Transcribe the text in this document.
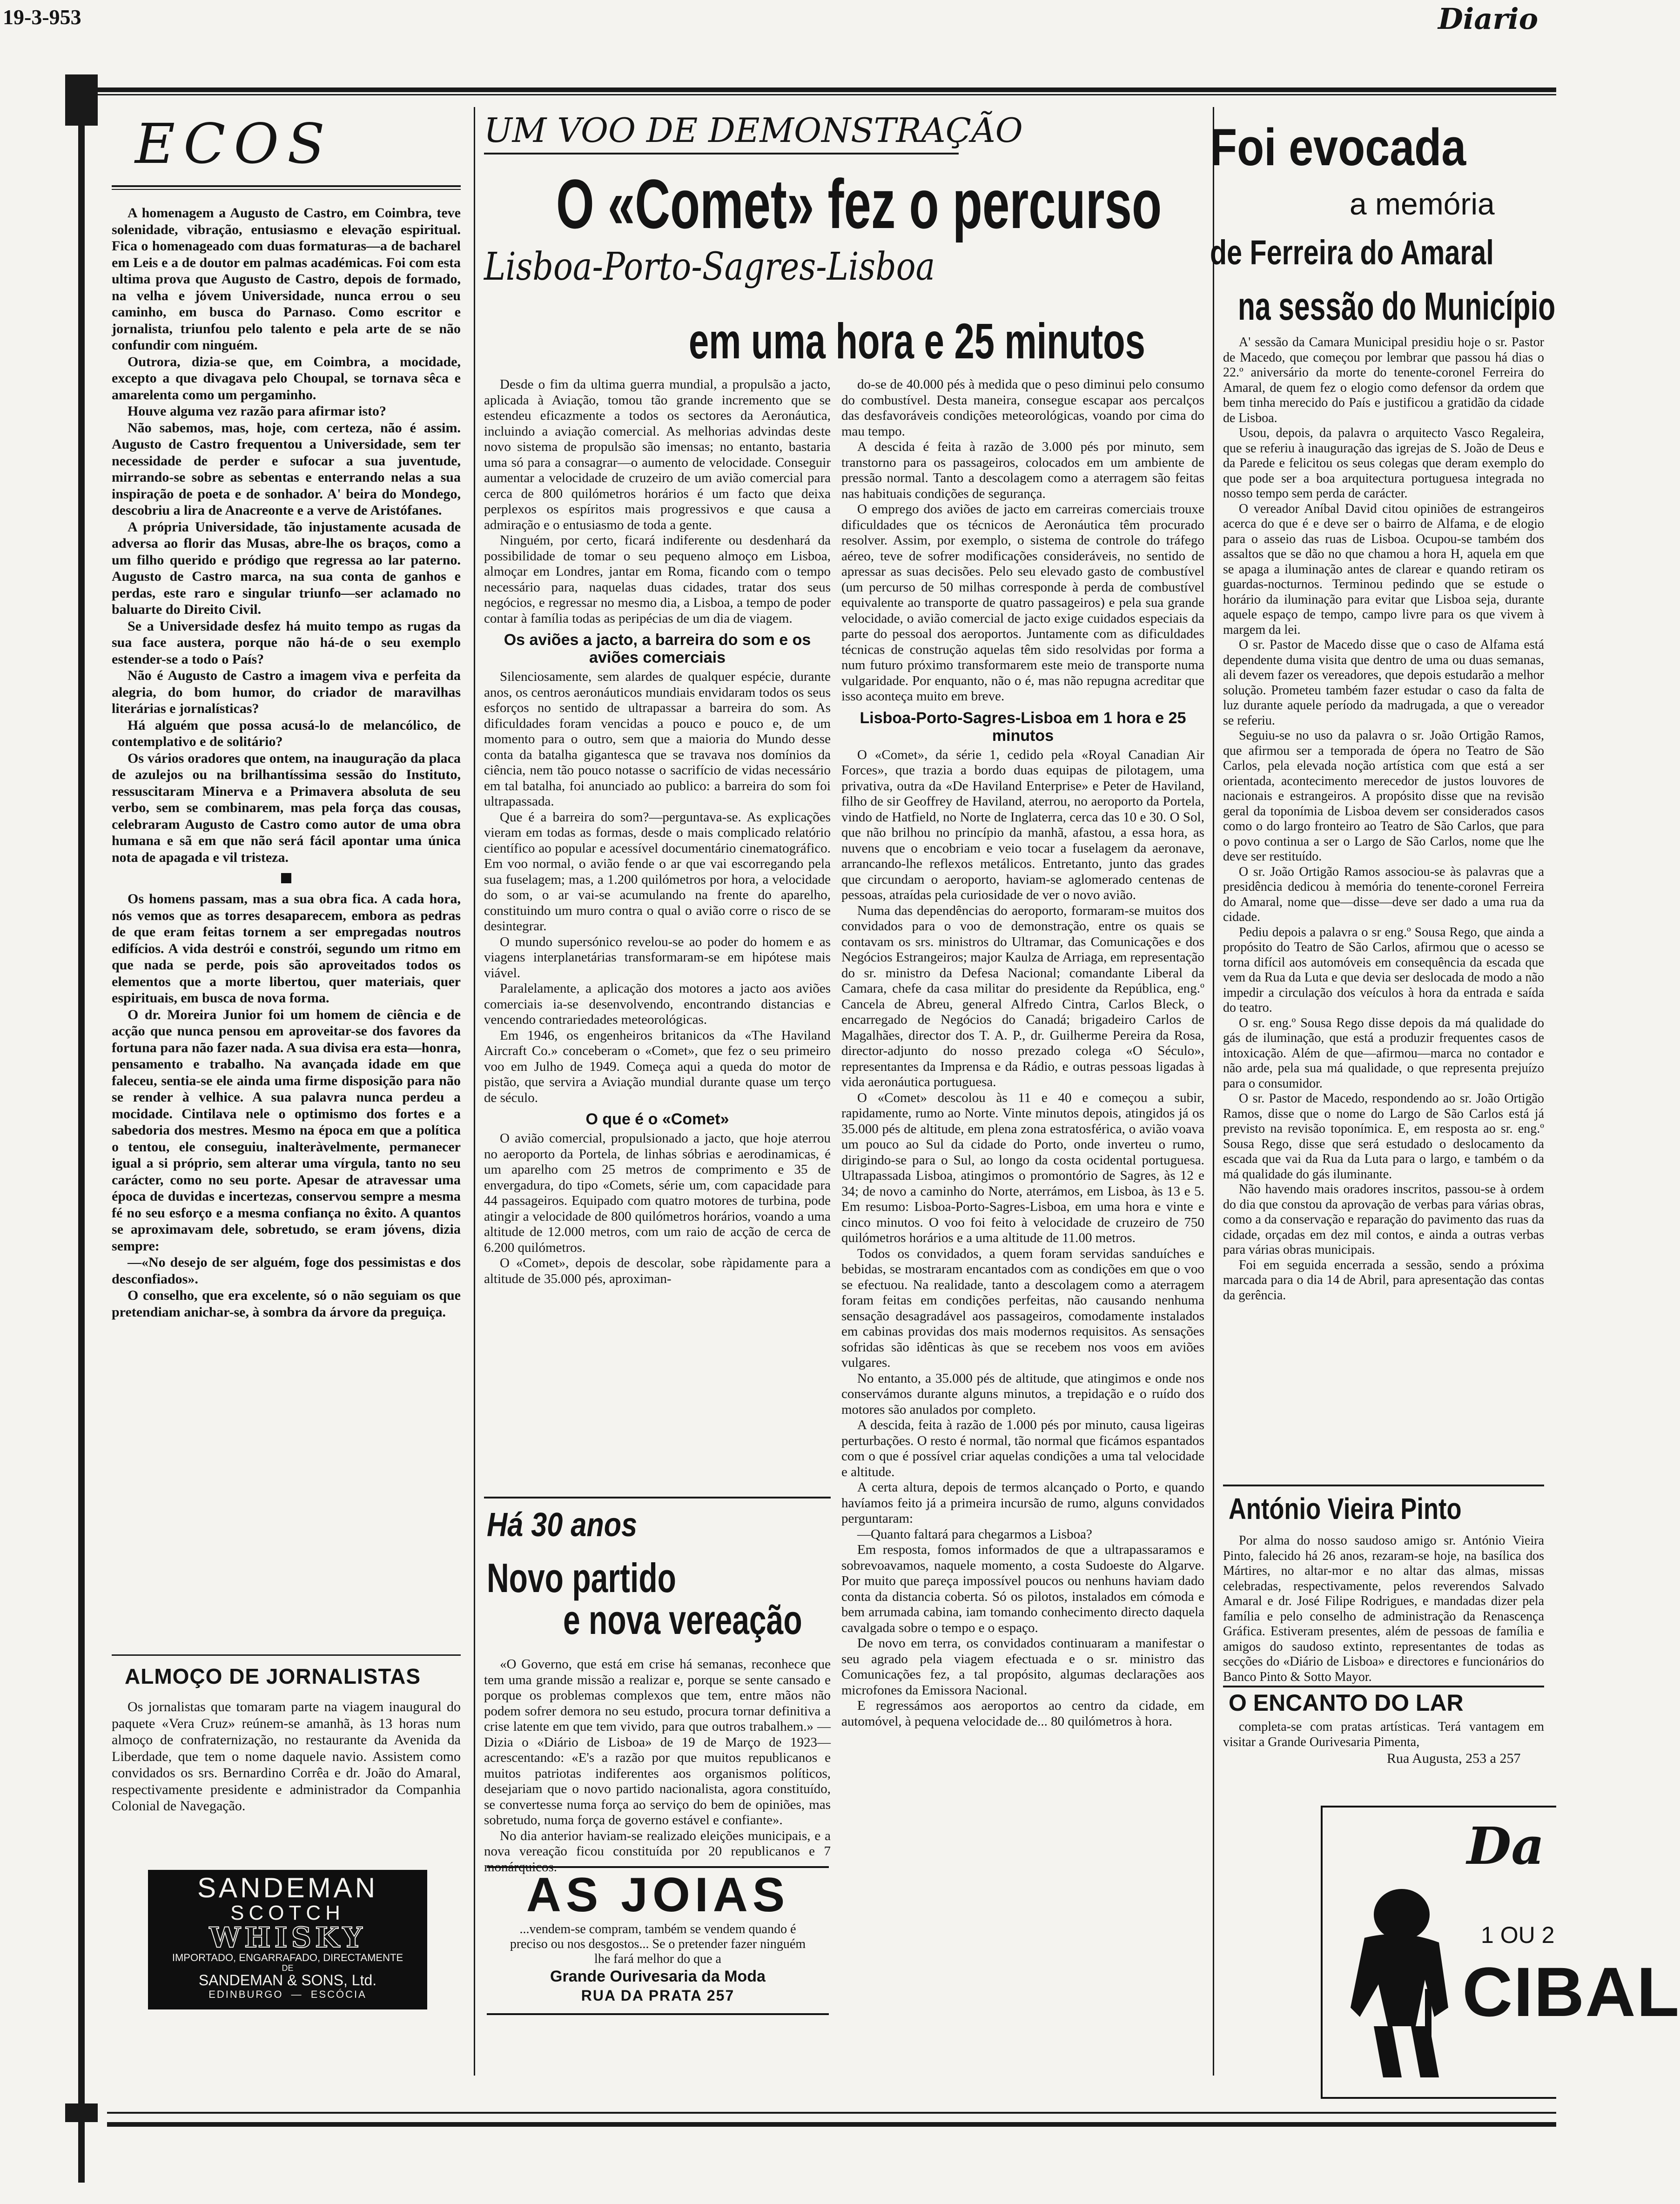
19-3-953	Diario
ECOS

A homenagem a Augusto de Castro, em Coimbra, teve solenidade, vibração, entusiasmo e elevação espiritual. Fica o homenageado com duas formaturas—a de bacharel em Leis e a de doutor em palmas académicas. Foi com esta ultima prova que Augusto de Castro, depois de formado, na velha e jóvem Universidade, nunca errou o seu caminho, em busca do Parnaso. Como escritor e jornalista, triunfou pelo talento e pela arte de se não confundir com ninguém.

Outrora, dizia-se que, em Coimbra, a mocidade, excepto a que divagava pelo Choupal, se tornava sêca e amarelenta como um pergaminho.

Houve alguma vez razão para afirmar isto?

Não sabemos, mas, hoje, com certeza, não é assim. Augusto de Castro frequentou a Universidade, sem ter necessidade de perder e sufocar a sua juventude, mirrando-se sobre as sebentas e enterrando nelas a sua inspiração de poeta e de sonhador. A' beira do Mondego, descobriu a lira de Anacreonte e a verve de Aristófanes.

A própria Universidade, tão injustamente acusada de adversa ao florir das Musas, abre-lhe os braços, como a um filho querido e pródigo que regressa ao lar paterno. Augusto de Castro marca, na sua conta de ganhos e perdas, este raro e singular triunfo—ser aclamado no baluarte do Direito Civil.

Se a Universidade desfez há muito tempo as rugas da sua face austera, porque não há-de o seu exemplo estender-se a todo o País?

Não é Augusto de Castro a imagem viva e perfeita da alegria, do bom humor, do criador de maravilhas literárias e jornalísticas?

Há alguém que possa acusá-lo de melancólico, de contemplativo e de solitário?

Os vários oradores que ontem, na inauguração da placa de azulejos ou na brilhantíssima sessão do Instituto, ressuscitaram Minerva e a Primavera absoluta de seu verbo, sem se combinarem, mas pela força das cousas, celebraram Augusto de Castro como autor de uma obra humana e sã em que não será fácil apontar uma única nota de apagada e vil tristeza.

Os homens passam, mas a sua obra fica. A cada hora, nós vemos que as torres desaparecem, embora as pedras de que eram feitas tornem a ser empregadas noutros edifícios. A vida destrói e constrói, segundo um ritmo em que nada se perde, pois são aproveitados todos os elementos que a morte libertou, quer materiais, quer espirituais, em busca de nova forma.

O dr. Moreira Junior foi um homem de ciência e de acção que nunca pensou em aproveitar-se dos favores da fortuna para não fazer nada. A sua divisa era esta—honra, pensamento e trabalho. Na avançada idade em que faleceu, sentia-se ele ainda uma firme disposição para não se render à velhice. A sua palavra nunca perdeu a mocidade. Cintilava nele o optimismo dos fortes e a sabedoria dos mestres. Mesmo na época em que a política o tentou, ele conseguiu, inalteràvelmente, permanecer igual a si próprio, sem alterar uma vírgula, tanto no seu carácter, como no seu porte. Apesar de atravessar uma época de duvidas e incertezas, conservou sempre a mesma fé no seu esforço e a mesma confiança no êxito. A quantos se aproximavam dele, sobretudo, se eram jóvens, dizia sempre:

—«No desejo de ser alguém, foge dos pessimistas e dos desconfiados».

O conselho, que era excelente, só o não seguiam os que pretendiam anichar-se, à sombra da árvore da preguiça.

ALMOÇO DE JORNALISTAS

Os jornalistas que tomaram parte na viagem inaugural do paquete «Vera Cruz» reúnem-se amanhã, às 13 horas num almoço de confraternização, no restaurante da Avenida da Liberdade, que tem o nome daquele navio. Assistem como convidados os srs. Bernardino Corrêa e dr. João do Amaral, respectivamente presidente e administrador da Companhia Colonial de Navegação.

SANDEMAN
SCOTCH
WHISKY
IMPORTADO, ENGARRAFADO, DIRECTAMENTE
DE
SANDEMAN & SONS, Ltd.
EDINBURGO — ESCÓCIA
UM VOO DE DEMONSTRAÇÃO
O «Comet» fez o percurso
Lisboa-Porto-Sagres-Lisboa
em uma hora e 25 minutos

Desde o fim da ultima guerra mundial, a propulsão a jacto, aplicada à Aviação, tomou tão grande incremento que se estendeu eficazmente a todos os sectores da Aeronáutica, incluindo a aviação comercial. As melhorias advindas deste novo sistema de propulsão são imensas; no entanto, bastaria uma só para a consagrar—o aumento de velocidade. Conseguir aumentar a velocidade de cruzeiro de um avião comercial para cerca de 800 quilómetros horários é um facto que deixa perplexos os espíritos mais progressivos e que causa a admiração e o entusiasmo de toda a gente.

Ninguém, por certo, ficará indiferente ou desdenhará da possibilidade de tomar o seu pequeno almoço em Lisboa, almoçar em Londres, jantar em Roma, ficando com o tempo necessário para, naquelas duas cidades, tratar dos seus negócios, e regressar no mesmo dia, a Lisboa, a tempo de poder contar à família todas as peripécias de um dia de viagem.

Os aviões a jacto, a barreira do som e os aviões comerciais

Silenciosamente, sem alardes de qualquer espécie, durante anos, os centros aeronáuticos mundiais envidaram todos os seus esforços no sentido de ultrapassar a barreira do som. As dificuldades foram vencidas a pouco e pouco e, de um momento para o outro, sem que a maioria do Mundo desse conta da batalha gigantesca que se travava nos domínios da ciência, nem tão pouco notasse o sacrifício de vidas necessário em tal batalha, foi anunciado ao publico: a barreira do som foi ultrapassada.

Que é a barreira do som?—perguntava-se. As explicações vieram em todas as formas, desde o mais complicado relatório científico ao popular e acessível documentário cinematográfico. Em voo normal, o avião fende o ar que vai escorregando pela sua fuselagem; mas, a 1.200 quilómetros por hora, a velocidade do som, o ar vai-se acumulando na frente do aparelho, constituindo um muro contra o qual o avião corre o risco de se desintegrar.

O mundo supersónico revelou-se ao poder do homem e as viagens interplanetárias transformaram-se em hipótese mais viável.

Paralelamente, a aplicação dos motores a jacto aos aviões comerciais ia-se desenvolvendo, encontrando distancias e vencendo contrariedades meteorológicas.

Em 1946, os engenheiros britanicos da «The Haviland Aircraft Co.» conceberam o «Comet», que fez o seu primeiro voo em Julho de 1949. Começa aqui a queda do motor de pistão, que servira a Aviação mundial durante quase um terço de século.

O que é o «Comet»

O avião comercial, propulsionado a jacto, que hoje aterrou no aeroporto da Portela, de linhas sóbrias e aerodinamicas, é um aparelho com 25 metros de comprimento e 35 de envergadura, do tipo «Comets, série um, com capacidade para 44 passageiros. Equipado com quatro motores de turbina, pode atingir a velocidade de 800 quilómetros horários, voando a uma altitude de 12.000 metros, com um raio de acção de cerca de 6.200 quilómetros.

O «Comet», depois de descolar, sobe ràpidamente para a altitude de 35.000 pés, aproximan-

do-se de 40.000 pés à medida que o peso diminui pelo consumo do combustível. Desta maneira, consegue escapar aos percalços das desfavoráveis condições meteorológicas, voando por cima do mau tempo.

A descida é feita à razão de 3.000 pés por minuto, sem transtorno para os passageiros, colocados em um ambiente de pressão normal. Tanto a descolagem como a aterragem são feitas nas habituais condições de segurança.

O emprego dos aviões de jacto em carreiras comerciais trouxe dificuldades que os técnicos de Aeronáutica têm procurado resolver. Assim, por exemplo, o sistema de controle do tráfego aéreo, teve de sofrer modificações consideráveis, no sentido de apressar as suas decisões. Pelo seu elevado gasto de combustível (um percurso de 50 milhas corresponde à perda de combustível equivalente ao transporte de quatro passageiros) e pela sua grande velocidade, o avião comercial de jacto exige cuidados especiais da parte do pessoal dos aeroportos. Juntamente com as dificuldades técnicas de construção aquelas têm sido resolvidas por forma a num futuro próximo transformarem este meio de transporte numa vulgaridade. Por enquanto, não o é, mas não repugna acreditar que isso aconteça muito em breve.

Lisboa-Porto-Sagres-Lisboa em 1 hora e 25 minutos

O «Comet», da série 1, cedido pela «Royal Canadian Air Forces», que trazia a bordo duas equipas de pilotagem, uma privativa, outra da «De Haviland Enterprise» e Peter de Haviland, filho de sir Geoffrey de Haviland, aterrou, no aeroporto da Portela, vindo de Hatfield, no Norte de Inglaterra, cerca das 10 e 30. O Sol, que não brilhou no princípio da manhã, afastou, a essa hora, as nuvens que o encobriam e veio tocar a fuselagem da aeronave, arrancando-lhe reflexos metálicos. Entretanto, junto das grades que circundam o aeroporto, haviam-se aglomerado centenas de pessoas, atraídas pela curiosidade de ver o novo avião.

Numa das dependências do aeroporto, formaram-se muitos dos convidados para o voo de demonstração, entre os quais se contavam os srs. ministros do Ultramar, das Comunicações e dos Negócios Estrangeiros; major Kaulza de Arriaga, em representação do sr. ministro da Defesa Nacional; comandante Liberal da Camara, chefe da casa militar do presidente da República, eng.º Cancela de Abreu, general Alfredo Cintra, Carlos Bleck, o encarregado de Negócios do Canadá; brigadeiro Carlos de Magalhães, director dos T. A. P., dr. Guilherme Pereira da Rosa, director-adjunto do nosso prezado colega «O Século», representantes da Imprensa e da Rádio, e outras pessoas ligadas à vida aeronáutica portuguesa.

O «Comet» descolou às 11 e 40 e começou a subir, rapidamente, rumo ao Norte. Vinte minutos depois, atingidos já os 35.000 pés de altitude, em plena zona estratosférica, o avião voava um pouco ao Sul da cidade do Porto, onde inverteu o rumo, dirigindo-se para o Sul, ao longo da costa ocidental portuguesa. Ultrapassada Lisboa, atingimos o promontório de Sagres, às 12 e 34; de novo a caminho do Norte, aterrámos, em Lisboa, às 13 e 5. Em resumo: Lisboa-Porto-Sagres-Lisboa, em uma hora e vinte e cinco minutos. O voo foi feito à velocidade de cruzeiro de 750 quilómetros horários e a uma altitude de 11.00 metros.

Todos os convidados, a quem foram servidas sanduíches e bebidas, se mostraram encantados com as condições em que o voo se efectuou. Na realidade, tanto a descolagem como a aterragem foram feitas em condições perfeitas, não causando nenhuma sensação desagradável aos passageiros, comodamente instalados em cabinas providas dos mais modernos requisitos. As sensações sofridas são idênticas às que se recebem nos voos em aviões vulgares.

No entanto, a 35.000 pés de altitude, que atingimos e onde nos conservámos durante alguns minutos, a trepidação e o ruído dos motores são anulados por completo.

A descida, feita à razão de 1.000 pés por minuto, causa ligeiras perturbações. O resto é normal, tão normal que ficámos espantados com o que é possível criar aquelas condições a uma tal velocidade e altitude.

A certa altura, depois de termos alcançado o Porto, e quando havíamos feito já a primeira incursão de rumo, alguns convidados perguntaram:

—Quanto faltará para chegarmos a Lisboa?

Em resposta, fomos informados de que a ultrapassaramos e sobrevoavamos, naquele momento, a costa Sudoeste do Algarve. Por muito que pareça impossível poucos ou nenhuns haviam dado conta da distancia coberta. Só os pilotos, instalados em cómoda e bem arrumada cabina, iam tomando conhecimento directo daquela cavalgada sobre o tempo e o espaço.

De novo em terra, os convidados continuaram a manifestar o seu agrado pela viagem efectuada e o sr. ministro das Comunicações fez, a tal propósito, algumas declarações aos microfones da Emissora Nacional.

E regressámos aos aeroportos ao centro da cidade, em automóvel, à pequena velocidade de... 80 quilómetros à hora.

Há 30 anos
Novo partido
e nova vereação

«O Governo, que está em crise há semanas, reconhece que tem uma grande missão a realizar e, porque se sente cansado e porque os problemas complexos que tem, entre mãos não podem sofrer demora no seu estudo, procura tornar definitiva a crise latente em que tem vivido, para que outros trabalhem.» — Dizia o «Diário de Lisboa» de 19 de Março de 1923—acrescentando: «E's a razão por que muitos republicanos e muitos patriotas indiferentes aos organismos políticos, desejariam que o novo partido nacionalista, agora constituído, se convertesse numa força ao serviço do bem de opiniões, mas sobretudo, numa força de governo estável e confiante».

No dia anterior haviam-se realizado eleições municipais, e a nova vereação ficou constituída por 20 republicanos e 7 monárquicos.

AS JOIAS
...vendem-se compram, também se vendem quando é preciso ou nos desgostos... Se o pretender fazer ninguém lhe fará melhor do que a
Grande Ourivesaria da Moda
RUA DA PRATA 257
Foi evocada
a memória
de Ferreira do Amaral
na sessão do Município

A' sessão da Camara Municipal presidiu hoje o sr. Pastor de Macedo, que começou por lembrar que passou há dias o 22.º aniversário da morte do tenente-coronel Ferreira do Amaral, de quem fez o elogio como defensor da ordem que bem tinha merecido do País e justificou a gratidão da cidade de Lisboa.

Usou, depois, da palavra o arquitecto Vasco Regaleira, que se referiu à inauguração das igrejas de S. João de Deus e da Parede e felicitou os seus colegas que deram exemplo do que pode ser a boa arquitectura portuguesa integrada no nosso tempo sem perda de carácter.

O vereador Aníbal David citou opiniões de estrangeiros acerca do que é e deve ser o bairro de Alfama, e de elogio para o asseio das ruas de Lisboa. Ocupou-se também dos assaltos que se dão no que chamou a hora H, aquela em que se apaga a iluminação antes de clarear e quando retiram os guardas-nocturnos. Terminou pedindo que se estude o horário da iluminação para evitar que Lisboa seja, durante aquele espaço de tempo, campo livre para os que vivem à margem da lei.

O sr. Pastor de Macedo disse que o caso de Alfama está dependente duma visita que dentro de uma ou duas semanas, ali devem fazer os vereadores, que depois estudarão a melhor solução. Prometeu também fazer estudar o caso da falta de luz durante aquele período da madrugada, a que o vereador se referiu.

Seguiu-se no uso da palavra o sr. João Ortigão Ramos, que afirmou ser a temporada de ópera no Teatro de São Carlos, pela elevada noção artística com que está a ser orientada, acontecimento merecedor de justos louvores de nacionais e estrangeiros. A propósito disse que na revisão geral da toponímia de Lisboa devem ser considerados casos como o do largo fronteiro ao Teatro de São Carlos, que para o povo continua a ser o Largo de São Carlos, nome que lhe deve ser restituído.

O sr. João Ortigão Ramos associou-se às palavras que a presidência dedicou à memória do tenente-coronel Ferreira do Amaral, nome que—disse—deve ser dado a uma rua da cidade.

Pediu depois a palavra o sr eng.º Sousa Rego, que ainda a propósito do Teatro de São Carlos, afirmou que o acesso se torna difícil aos automóveis em consequência da escada que vem da Rua da Luta e que devia ser deslocada de modo a não impedir a circulação dos veículos à hora da entrada e saída do teatro.

O sr. eng.º Sousa Rego disse depois da má qualidade do gás de iluminação, que está a produzir frequentes casos de intoxicação. Além de que—afirmou—marca no contador e não arde, pela sua má qualidade, o que representa prejuízo para o consumidor.

O sr. Pastor de Macedo, respondendo ao sr. João Ortigão Ramos, disse que o nome do Largo de São Carlos está já previsto na revisão toponímica. E, em resposta ao sr. eng.º Sousa Rego, disse que será estudado o deslocamento da escada que vai da Rua da Luta para o largo, e também o da má qualidade do gás iluminante.

Não havendo mais oradores inscritos, passou-se à ordem do dia que constou da aprovação de verbas para várias obras, como a da conservação e reparação do pavimento das ruas da cidade, orçadas em dez mil contos, e ainda a outras verbas para várias obras municipais.

Foi em seguida encerrada a sessão, sendo a próxima marcada para o dia 14 de Abril, para apresentação das contas da gerência.

António Vieira Pinto

Por alma do nosso saudoso amigo sr. António Vieira Pinto, falecido há 26 anos, rezaram-se hoje, na basílica dos Mártires, no altar-mor e no altar das almas, missas celebradas, respectivamente, pelos reverendos Salvado Amaral e dr. José Filipe Rodrigues, e mandadas dizer pela família e pelo conselho de administração da Renascença Gráfica. Estiveram presentes, além de pessoas de família e amigos do saudoso extinto, representantes de todas as secções do «Diário de Lisboa» e directores e funcionários do Banco Pinto & Sotto Mayor.

O ENCANTO DO LAR

completa-se com pratas artísticas. Terá vantagem em visitar a Grande Ourivesaria Pimenta,

Rua Augusta, 253 a 257
Da
1 OU 2
CIBAL
